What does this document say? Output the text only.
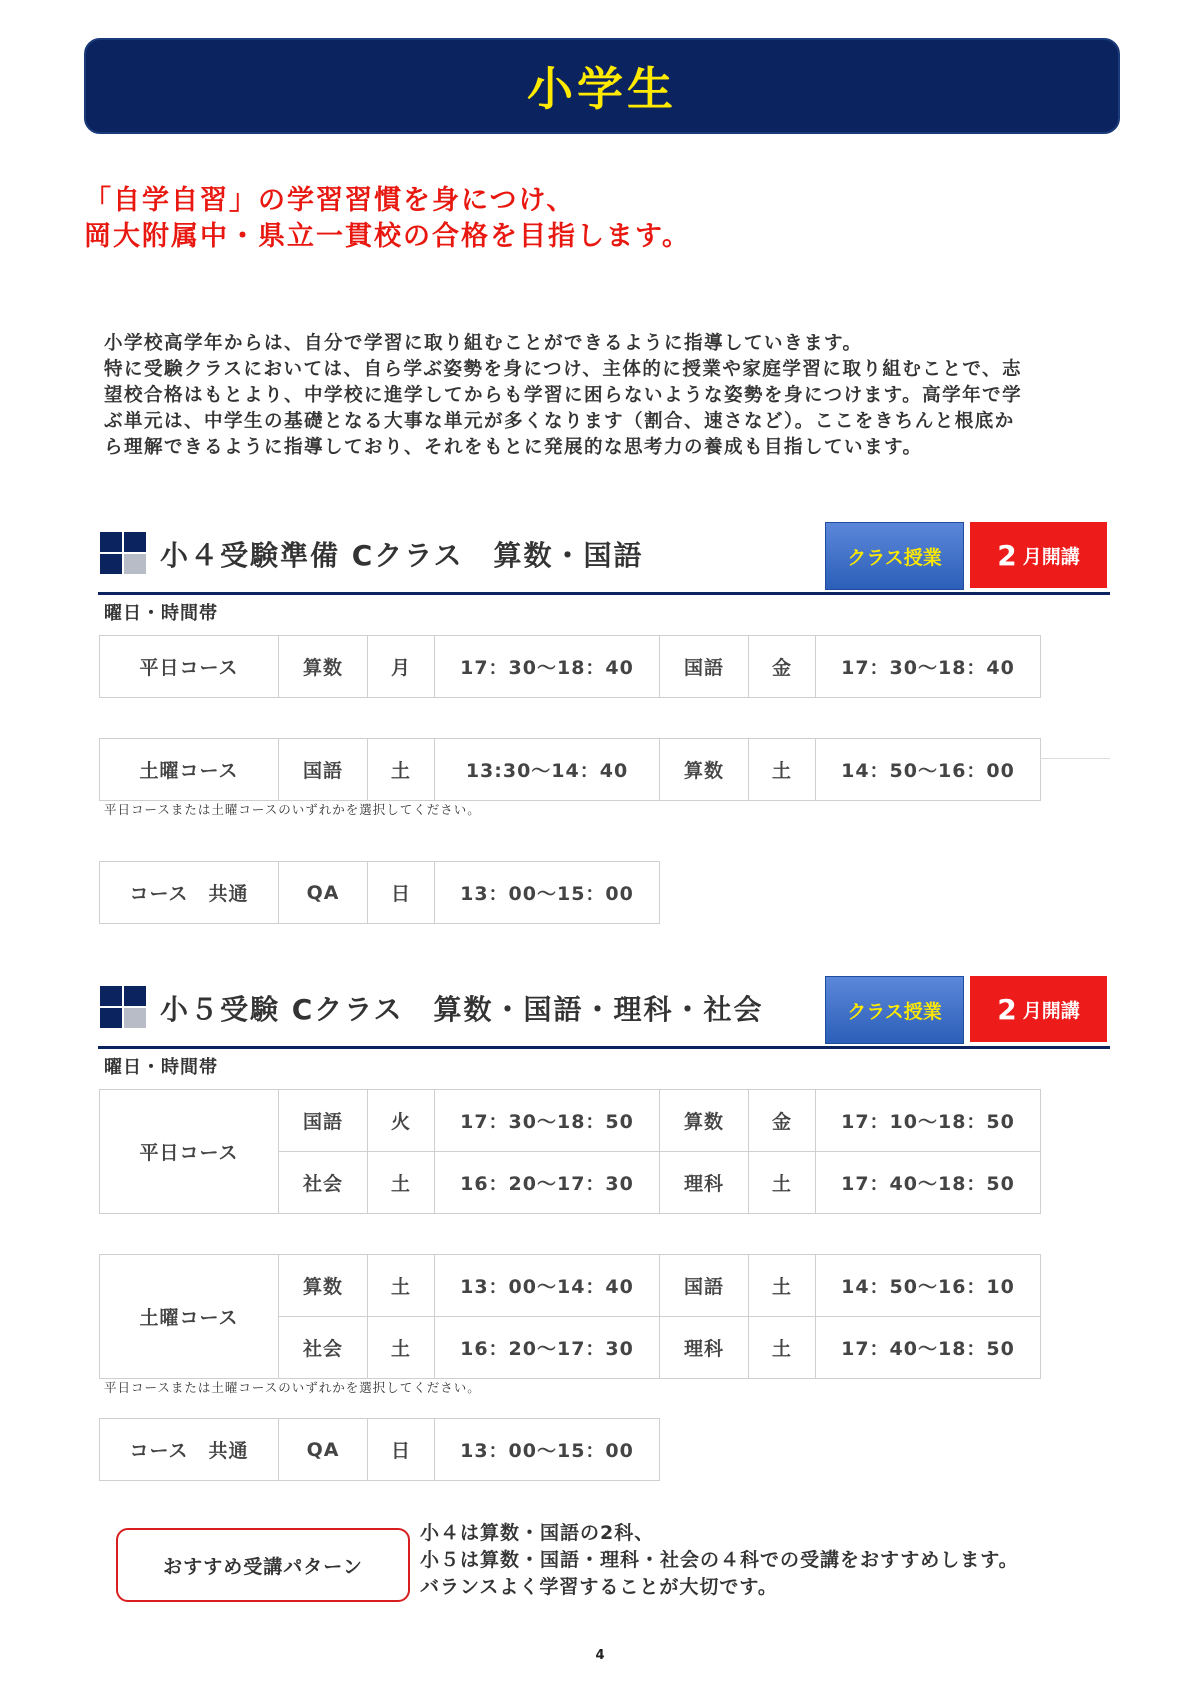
小学生
「自学自習」の学習習慣を身につけ、
岡大附属中・県立一貫校の合格を目指します。
小学校高学年からは、自分で学習に取り組むことができるように指導していきます。
特に受験クラスにおいては、自ら学ぶ姿勢を身につけ、主体的に授業や家庭学習に取り組むことで、志
望校合格はもとより、中学校に進学してからも学習に困らないような姿勢を身につけます。高学年で学
ぶ単元は、中学生の基礎となる大事な単元が多くなります（割合、速さなど）。ここをきちんと根底か
ら理解できるように指導しており、それをもとに発展的な思考力の養成も目指しています。
小４受験準備 Cクラス　算数・国語	クラス授業	2 月開講
曜日・時間帯
平日コース	算数	月	17：30～18：40	国語	金	17：30～18：40
土曜コース	国語	土	13:30～14：40	算数	土	14：50～16：00
平日コースまたは土曜コースのいずれかを選択してください。
コース　共通	QA	日	13：00～15：00
小５受験 Cクラス　算数・国語・理科・社会	クラス授業	2 月開講
曜日・時間帯
平日コース	国語	火	17：30～18：50	算数	金	17：10～18：50
	社会	土	16：20～17：30	理科	土	17：40～18：50
土曜コース	算数	土	13：00～14：40	国語	土	14：50～16：10
	社会	土	16：20～17：30	理科	土	17：40～18：50
平日コースまたは土曜コースのいずれかを選択してください。
コース　共通	QA	日	13：00～15：00
おすすめ受講パターン
小４は算数・国語の2科、
小５は算数・国語・理科・社会の４科での受講をおすすめします。
バランスよく学習することが大切です。
4
